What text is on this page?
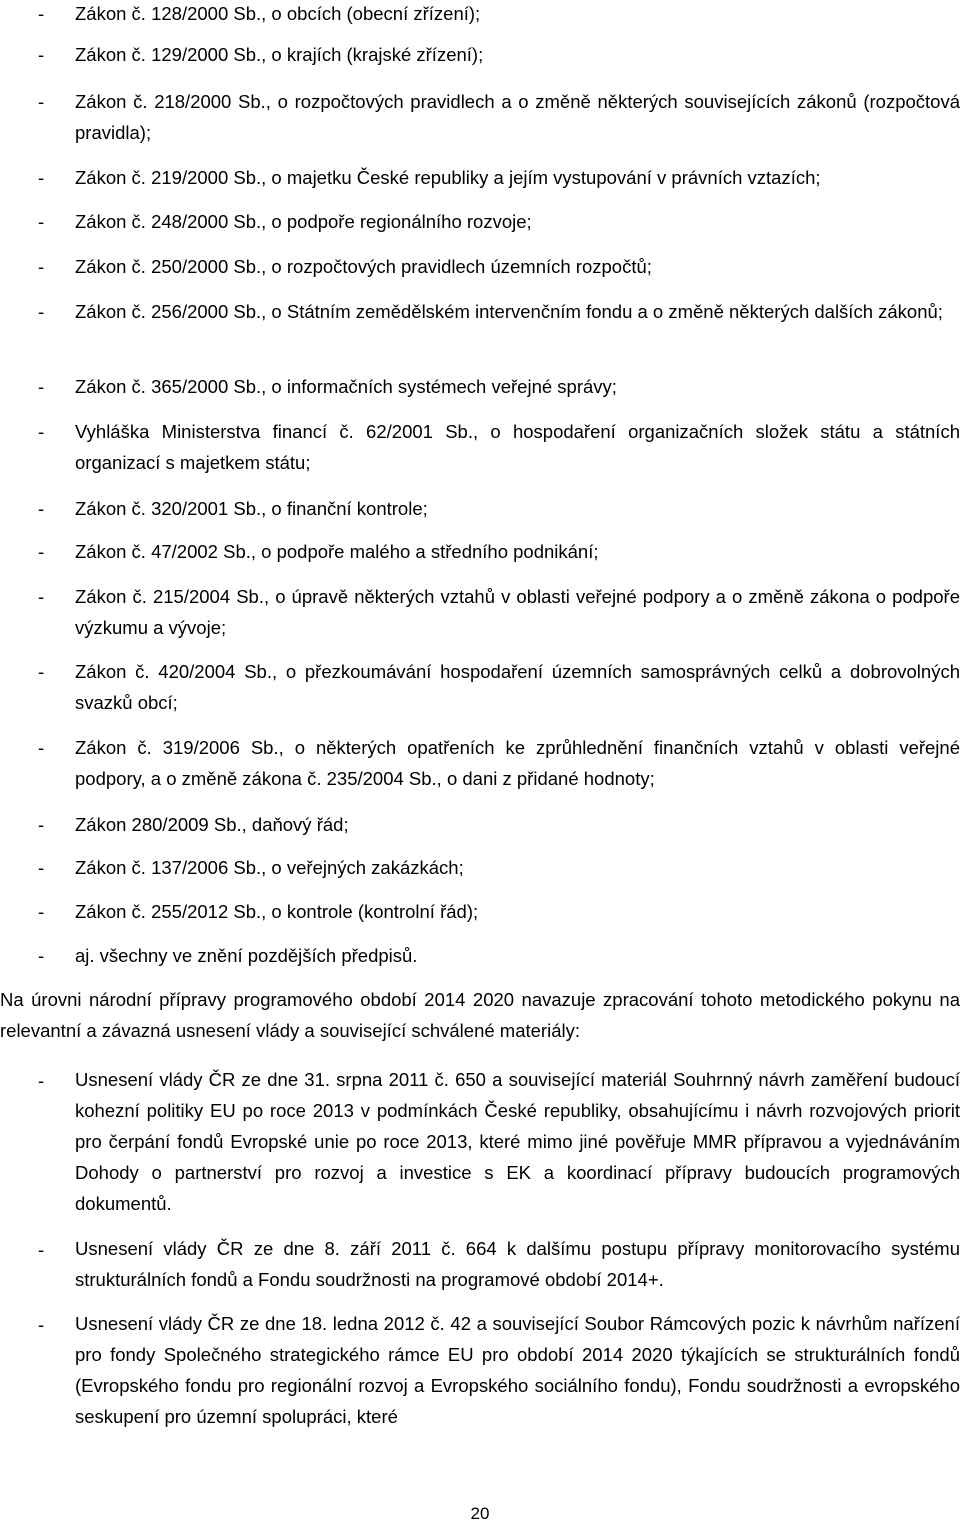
- Zákon č. 128/2000 Sb., o obcích (obecní zřízení);
- Zákon č. 129/2000 Sb., o krajích (krajské zřízení);
- Zákon č. 218/2000 Sb., o rozpočtových pravidlech a o změně některých souvisejících zákonů (rozpočtová pravidla);
- Zákon č. 219/2000 Sb., o majetku České republiky a jejím vystupování v právních vztazích;
- Zákon č. 248/2000 Sb., o podpoře regionálního rozvoje;
- Zákon č. 250/2000 Sb., o rozpočtových pravidlech územních rozpočtů;
- Zákon č. 256/2000 Sb., o Státním zemědělském intervenčním fondu a o změně některých dalších zákonů;
- Zákon č. 365/2000 Sb., o informačních systémech veřejné správy;
- Vyhláška Ministerstva financí č. 62/2001 Sb., o hospodaření organizačních složek státu a státních organizací s majetkem státu;
- Zákon č. 320/2001 Sb., o finanční kontrole;
- Zákon č. 47/2002 Sb., o podpoře malého a středního podnikání;
- Zákon č. 215/2004 Sb., o úpravě některých vztahů v oblasti veřejné podpory a o změně zákona o podpoře výzkumu a vývoje;
- Zákon č. 420/2004 Sb., o přezkoumávání hospodaření územních samosprávných celků a dobrovolných svazků obcí;
- Zákon č. 319/2006 Sb., o některých opatřeních ke zprůhlednění finančních vztahů v oblasti veřejné podpory, a o změně zákona č. 235/2004 Sb., o dani z přidané hodnoty;
- Zákon 280/2009 Sb., daňový řád;
- Zákon č. 137/2006 Sb., o veřejných zakázkách;
- Zákon č. 255/2012 Sb., o kontrole (kontrolní řád);
- aj. všechny ve znění pozdějších předpisů.
Na úrovni národní přípravy programového období 2014 2020 navazuje zpracování tohoto metodického pokynu na relevantní a závazná usnesení vlády a související schválené materiály:
- Usnesení vlády ČR ze dne 31. srpna 2011 č. 650 a související materiál Souhrnný návrh zaměření budoucí kohezní politiky EU po roce 2013 v podmínkách České republiky, obsahujícímu i návrh rozvojových priorit pro čerpání fondů Evropské unie po roce 2013, které mimo jiné pověřuje MMR přípravou a vyjednáváním Dohody o partnerství pro rozvoj a investice s EK a koordinací přípravy budoucích programových dokumentů.
- Usnesení vlády ČR ze dne 8. září 2011 č. 664 k dalšímu postupu přípravy monitorovacího systému strukturálních fondů a Fondu soudržnosti na programové období 2014+.
- Usnesení vlády ČR ze dne 18. ledna 2012 č. 42 a související Soubor Rámcových pozic k návrhům nařízení pro fondy Společného strategického rámce EU pro období 2014 2020 týkajících se strukturálních fondů (Evropského fondu pro regionální rozvoj a Evropského sociálního fondu), Fondu soudržnosti a evropského seskupení pro územní spolupráci, které
20
